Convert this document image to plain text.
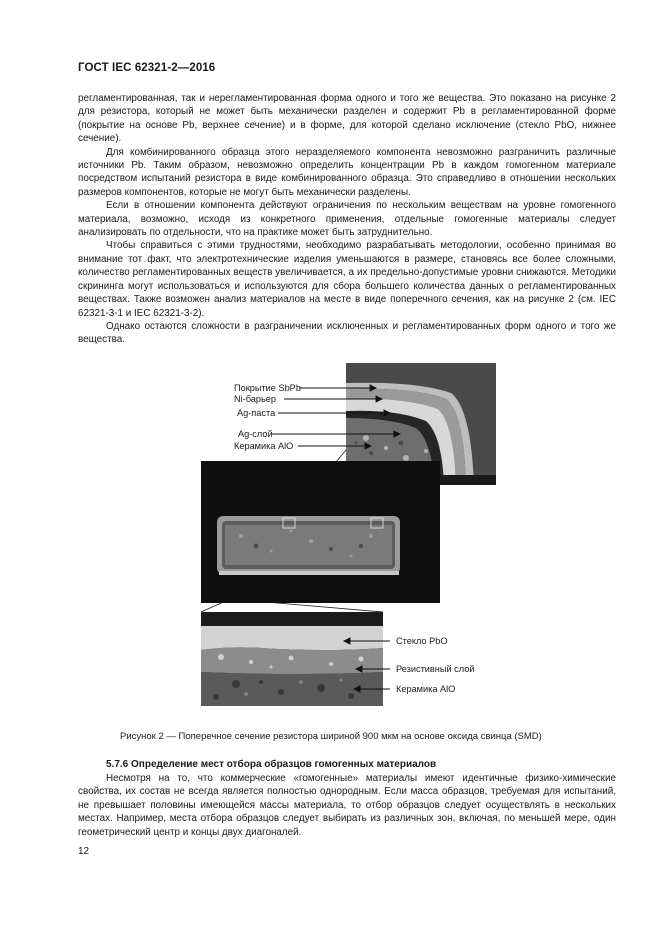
ГОСТ IEC 62321-2—2016

регламентированная, так и нерегламентированная форма одного и того же вещества. Это показано на рисунке 2 для резистора, который не может быть механически разделен и содержит Pb в регламентированной форме (покрытие на основе Pb, верхнее сечение) и в форме, для которой сделано исключение (стекло PbO, нижнее сечение).

Для комбинированного образца этого неразделяемого компонента невозможно разграничить различные источники Pb. Таким образом, невозможно определить концентрации Pb в каждом гомогенном материале посредством испытаний резистора в виде комбинированного образца. Это справедливо в отношении нескольких размеров компонентов, которые не могут быть механически разделены.

Если в отношении компонента действуют ограничения по нескольким веществам на уровне гомогенного материала, возможно, исходя из конкретного применения, отдельные гомогенные материалы следует анализировать по отдельности, что на практике может быть затруднительно.

Чтобы справиться с этими трудностями, необходимо разрабатывать методологии, особенно принимая во внимание тот факт, что электротехнические изделия уменьшаются в размере, становясь все более сложными, количество регламентированных веществ увеличивается, а их предельно-допустимые уровни снижаются. Методики скрининга могут использоваться и используются для сбора большего количества данных о регламентированных веществах. Также возможен анализ материалов на месте в виде поперечного сечения, как на рисунке 2 (см. IEC 62321-3-1 и IEC 62321-3-2).

Однако остаются сложности в разграничении исключенных и регламентированных форм одного и того же вещества.

Покрытие SbPb
Ni-барьер
Ag-паста
Ag-слой
Керамика AlO
Стекло PbO
Резистивный слой
Керамика AlO
Рисунок 2 — Поперечное сечение резистора шириной 900 мкм на основе оксида свинца (SMD)
5.7.6 Определение мест отбора образцов гомогенных материалов

Несмотря на то, что коммерческие «гомогенные» материалы имеют идентичные физико-химические свойства, их состав не всегда является полностью однородным. Если масса образцов, требуемая для испытаний, не превышает половины имеющейся массы материала, то отбор образцов следует осуществлять в нескольких местах. Например, места отбора образцов следует выбирать из различных зон, включая, по меньшей мере, один геометрический центр и концы двух диагоналей.

12
